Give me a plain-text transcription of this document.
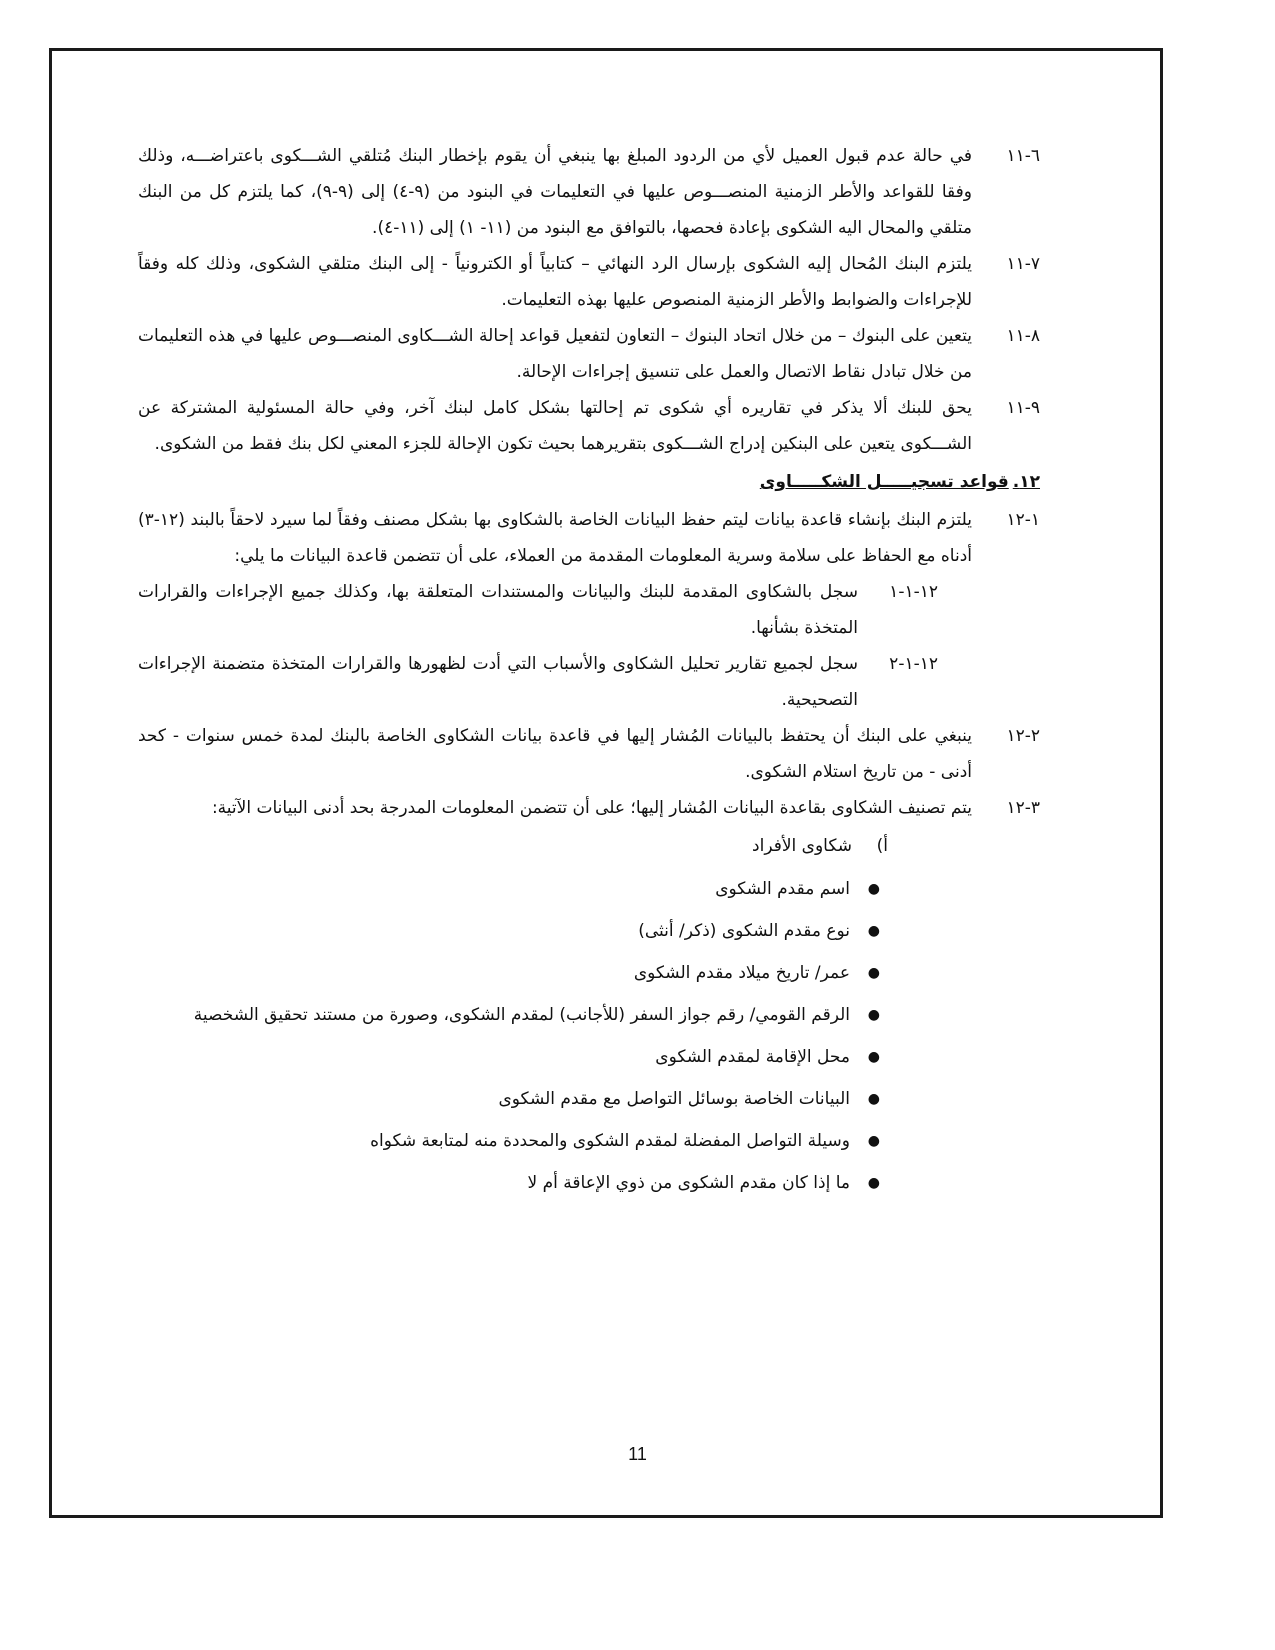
٦-١١
في حالة عدم قبول العميل لأي من الردود المبلغ بها ينبغي أن يقوم بإخطار البنك مُتلقي الشـــكوى باعتراضـــه، وذلك وفقا للقواعد والأطر الزمنية المنصـــوص عليها في التعليمات في البنود من (٩-٤) إلى (٩-٩)، كما يلتزم كل من البنك متلقي والمحال اليه الشكوى بإعادة فحصها، بالتوافق مع البنود من (١١- ١) إلى (١١-٤).
٧-١١
يلتزم البنك المُحال إليه الشكوى بإرسال الرد النهائي – كتابياً أو الكترونياً - إلى البنك متلقي الشكوى، وذلك كله وفقاً للإجراءات والضوابط والأطر الزمنية المنصوص عليها بهذه التعليمات.
٨-١١
يتعين على البنوك – من خلال اتحاد البنوك – التعاون لتفعيل قواعد إحالة الشـــكاوى المنصـــوص عليها في هذه التعليمات من خلال تبادل نقاط الاتصال والعمل على تنسيق إجراءات الإحالة.
٩-١١
يحق للبنك ألا يذكر في تقاريره أي شكوى تم إحالتها بشكل كامل لبنك آخر، وفي حالة المسئولية المشتركة عن الشـــكوى يتعين على البنكين إدراج الشـــكوى بتقريرهما بحيث تكون الإحالة للجزء المعني لكل بنك فقط من الشكوى.
١٢.
قواعد تسجيـــــل الشكـــــاوى
١-١٢
يلتزم البنك بإنشاء قاعدة بيانات ليتم حفظ البيانات الخاصة بالشكاوى بها بشكل مصنف وفقاً لما سيرد لاحقاً بالبند (١٢-٣) أدناه مع الحفاظ على سلامة وسرية المعلومات المقدمة من العملاء، على أن تتضمن قاعدة البيانات ما يلي:
١٢-١-١
سجل بالشكاوى المقدمة للبنك والبيانات والمستندات المتعلقة بها، وكذلك جميع الإجراءات والقرارات المتخذة بشأنها.
١٢-١-٢
سجل لجميع تقارير تحليل الشكاوى والأسباب التي أدت لظهورها والقرارات المتخذة متضمنة الإجراءات التصحيحية.
٢-١٢
ينبغي على البنك أن يحتفظ بالبيانات المُشار إليها في قاعدة بيانات الشكاوى الخاصة بالبنك لمدة خمس سنوات - كحد أدنى - من تاريخ استلام الشكوى.
٣-١٢
يتم تصنيف الشكاوى بقاعدة البيانات المُشار إليها؛ على أن تتضمن المعلومات المدرجة بحد أدنى البيانات الآتية:
أ)
شكاوى الأفراد
●
اسم مقدم الشكوى
●
نوع مقدم الشكوى (ذكر/ أنثى)
●
عمر/ تاريخ ميلاد مقدم الشكوى
●
الرقم القومي/ رقم جواز السفر (للأجانب) لمقدم الشكوى، وصورة من مستند تحقيق الشخصية
●
محل الإقامة لمقدم الشكوى
●
البيانات الخاصة بوسائل التواصل مع مقدم الشكوى
●
وسيلة التواصل المفضلة لمقدم الشكوى والمحددة منه لمتابعة شكواه
●
ما إذا كان مقدم الشكوى من ذوي الإعاقة أم لا
11
